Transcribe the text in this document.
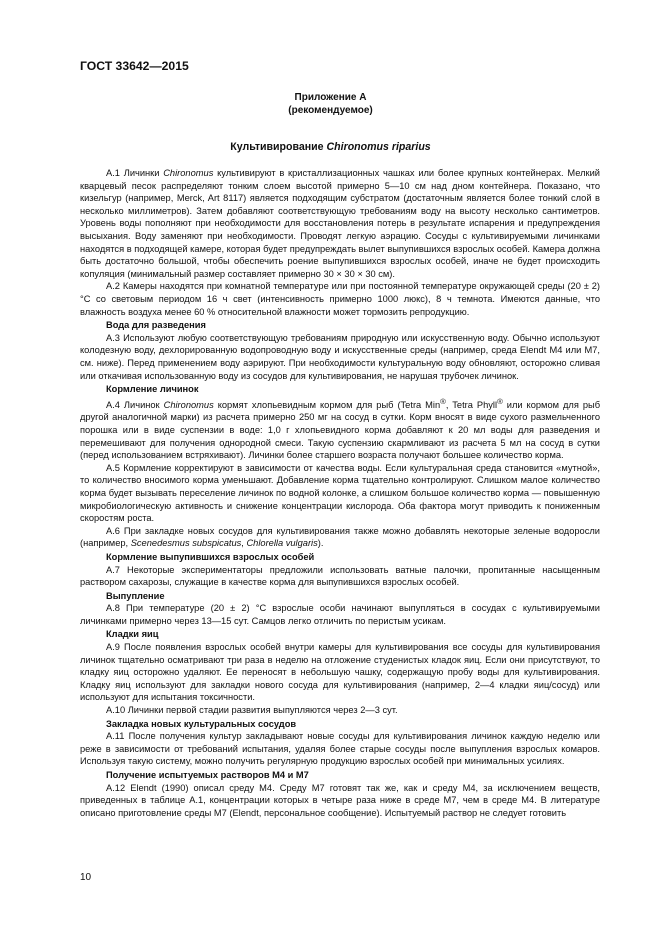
ГОСТ 33642—2015
Приложение А
(рекомендуемое)
Культивирование Chironomus riparius

А.1 Личинки Chironomus культивируют в кристаллизационных чашках или более крупных контейнерах. Мелкий кварцевый песок распределяют тонким слоем высотой примерно 5—10 см над дном контейнера. Показано, что кизельгур (например, Merck, Art 8117) является подходящим субстратом (достаточным является более тонкий слой в несколько миллиметров). Затем добавляют соответствующую требованиям воду на высоту несколько сантиметров. Уровень воды пополняют при необходимости для восстановления потерь в результате испарения и предупреждения высыхания. Воду заменяют при необходимости. Проводят легкую аэрацию. Сосуды с культивируемыми личинками находятся в подходящей камере, которая будет предупреждать вылет выпупившихся взрослых особей. Камера должна быть достаточно большой, чтобы обеспечить роение выпупившихся взрослых особей, иначе не будет происходить копуляция (минимальный размер составляет примерно 30 × 30 × 30 см).

А.2 Камеры находятся при комнатной температуре или при постоянной температуре окружающей среды (20 ± 2) °С со световым периодом 16 ч свет (интенсивность примерно 1000 люкс), 8 ч темнота. Имеются данные, что влажность воздуха менее 60 % относительной влажности может тормозить репродукцию.

Вода для разведения

А.3 Используют любую соответствующую требованиям природную или искусственную воду. Обычно используют колодезную воду, дехлорированную водопроводную воду и искусственные среды (например, среда Elendt M4 или M7, см. ниже). Перед применением воду аэрируют. При необходимости культуральную воду обновляют, осторожно сливая или откачивая использованную воду из сосудов для культивирования, не нарушая трубочек личинок.

Кормление личинок

А.4 Личинок Chironomus кормят хлопьевидным кормом для рыб (Tetra Min®, Tetra Phyll® или кормом для рыб другой аналогичной марки) из расчета примерно 250 мг на сосуд в сутки. Корм вносят в виде сухого размельченного порошка или в виде суспензии в воде: 1,0 г хлопьевидного корма добавляют к 20 мл воды для разведения и перемешивают для получения однородной смеси. Такую суспензию скармливают из расчета 5 мл на сосуд в сутки (перед использованием встряхивают). Личинки более старшего возраста получают большее количество корма.

А.5 Кормление корректируют в зависимости от качества воды. Если культуральная среда становится «мутной», то количество вносимого корма уменьшают. Добавление корма тщательно контролируют. Слишком малое количество корма будет вызывать переселение личинок по водной колонке, а слишком большое количество корма — повышенную микробиологическую активность и снижение концентрации кислорода. Оба фактора могут приводить к пониженным скоростям роста.

А.6 При закладке новых сосудов для культивирования также можно добавлять некоторые зеленые водоросли (например, Scenedesmus subspicatus, Chlorella vulgaris).

Кормление выпупившихся взрослых особей

А.7 Некоторые экспериментаторы предложили использовать ватные палочки, пропитанные насыщенным раствором сахарозы, служащие в качестве корма для выпупившихся взрослых особей.

Выпупление

А.8 При температуре (20 ± 2) °С взрослые особи начинают выпупляться в сосудах с культивируемыми личинками примерно через 13—15 сут. Самцов легко отличить по перистым усикам.

Кладки яиц

А.9 После появления взрослых особей внутри камеры для культивирования все сосуды для культивирования личинок тщательно осматривают три раза в неделю на отложение студенистых кладок яиц. Если они присутствуют, то кладку яиц осторожно удаляют. Ее переносят в небольшую чашку, содержащую пробу воды для культивирования. Кладку яиц используют для закладки нового сосуда для культивирования (например, 2—4 кладки яиц/сосуд) или используют для испытания токсичности.

А.10 Личинки первой стадии развития выпупляются через 2—3 сут.

Закладка новых культуральных сосудов

А.11 После получения культур закладывают новые сосуды для культивирования личинок каждую неделю или реже в зависимости от требований испытания, удаляя более старые сосуды после выпупления взрослых комаров. Используя такую систему, можно получить регулярную продукцию взрослых особей при минимальных усилиях.

Получение испытуемых растворов М4 и М7

А.12 Elendt (1990) описал среду М4. Среду М7 готовят так же, как и среду М4, за исключением веществ, приведенных в таблице А.1, концентрации которых в четыре раза ниже в среде М7, чем в среде М4. В литературе описано приготовление среды М7 (Elendt, персональное сообщение). Испытуемый раствор не следует готовить

10
